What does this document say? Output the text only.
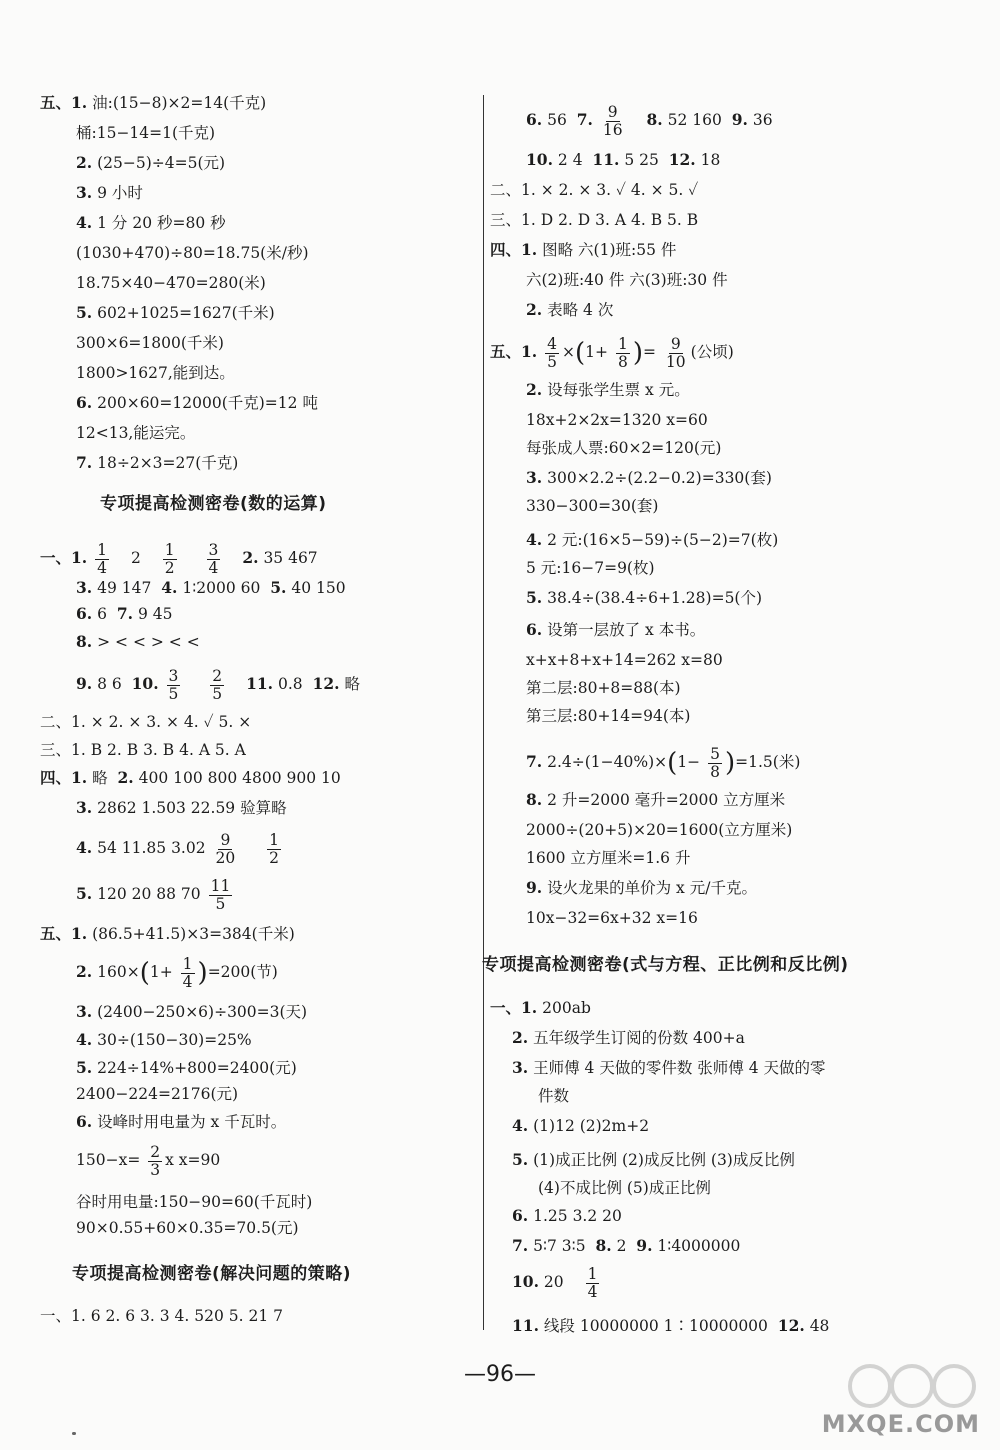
五、1. 油:(15−8)×2=14(千克)
桶:15−14=1(千克)
2. (25−5)÷4=5(元)
3. 9 小时
4. 1 分 20 秒=80 秒
(1030+470)÷80=18.75(米/秒)
18.75×40−470=280(米)
5. 602+1025=1627(千米)
300×6=1800(千米)
1800>1627,能到达。
6. 200×60=12000(千克)=12 吨
12<13,能运完。
7. 18÷2×3=27(千克)
专项提高检测密卷(数的运算)
一、1. $\frac{1}{4} 2 \frac{1}{2}$
$\frac{3}{4} 2$. 35 467
3. 49 147 4. 1∶2000 60 5. 40 150
6. 6 7. 9 45
8. > < < > < <
9. 8 6 10. $\frac{3}{5}$
$\frac{2}{5} 11$. 0.8 12. 略
二、1. × 2. × 3. × 4. ✓ 5. ×
三、1. B 2. B 3. B 4. A 5. A
四、1. 略 2. 400 100 800 4800 900 10
3. 2862 1.503 22.59 验算略
4. 54 11.85 $3.02 \frac{9}{20}$
$\frac{1}{2}$
5. 120 20 88 $70 \frac{11}{5}$
五、1. (86.5+41.5)×3=384(千米)
2. $160\times(1+ \frac{1}{4} )=200$(节)
3. (2400−250×6)÷300=3(天)
4. 30÷(150−30)=25%
5. 224÷14%+800=2400(元)
2400−224=2176(元)
6. 设峰时用电量为 x 千瓦时。
$150-x= \frac{2}{3}$ x x=90
谷时用电量:150−90=60(千瓦时)
90×0.55+60×0.35=70.5(元)
专项提高检测密卷(解决问题的策略)
一、1. 6 2. 6 3. 3 4. 520 5. 21 7
6. 56 7. $\frac{9}{16} 8$. 52 160 9. 36
10. 2 4 11. 5 25 12. 18
二、1. × 2. × 3. ✓ 4. × 5. ✓
三、1. D 2. D 3. A 4. B 5. B
四、1. 图略 六(1)班:55 件
六(2)班:40 件 六(3)班:30 件
2. 表略 4 次
五、1. $\frac{4}{5} \times(1+ \frac{1}{8}$ )= $\frac{9}{10}$ (公顷)
2. 设每张学生票 x 元。
18x+2×2x=1320 x=60
每张成人票:60×2=120(元)
3. 300×2.2÷(2.2−0.2)=330(套)
330−300=30(套)
4. 2 元:(16×5−59)÷(5−2)=7(枚)
5 元:16−7=9(枚)
5. 38.4÷(38.4÷6+1.28)=5(个)
6. 设第一层放了 x 本书。
x+x+8+x+14=262 x=80
第二层:80+8=88(本)
第三层:80+14=94(本)
7. $2.4\div(1-40\%)\times(1- \frac{5}{8} )=1.5$(米)
8. 2 升=2000 毫升=2000 立方厘米
2000÷(20+5)×20=1600(立方厘米)
1600 立方厘米=1.6 升
9. 设火龙果的单价为 x 元/千克。
10x−32=6x+32 x=16
专项提高检测密卷(式与方程、正比例和反比例)
一、1. 200ab
2. 五年级学生订阅的份数 400+a
3. 王师傅 4 天做的零件数 张师傅 4 天做的零
件数
4. (1)12 (2)2m+2
5. (1)成正比例 (2)成反比例 (3)成反比例
(4)不成比例 (5)成正比例
6. 1.25 3.2 20
7. 5∶7 3∶5 8. 2 9. 1∶4000000
10. $20 \frac{1}{4}$
11. 线段 10000000 1∶10000000 12. 48
—96—
MXQE.COM
